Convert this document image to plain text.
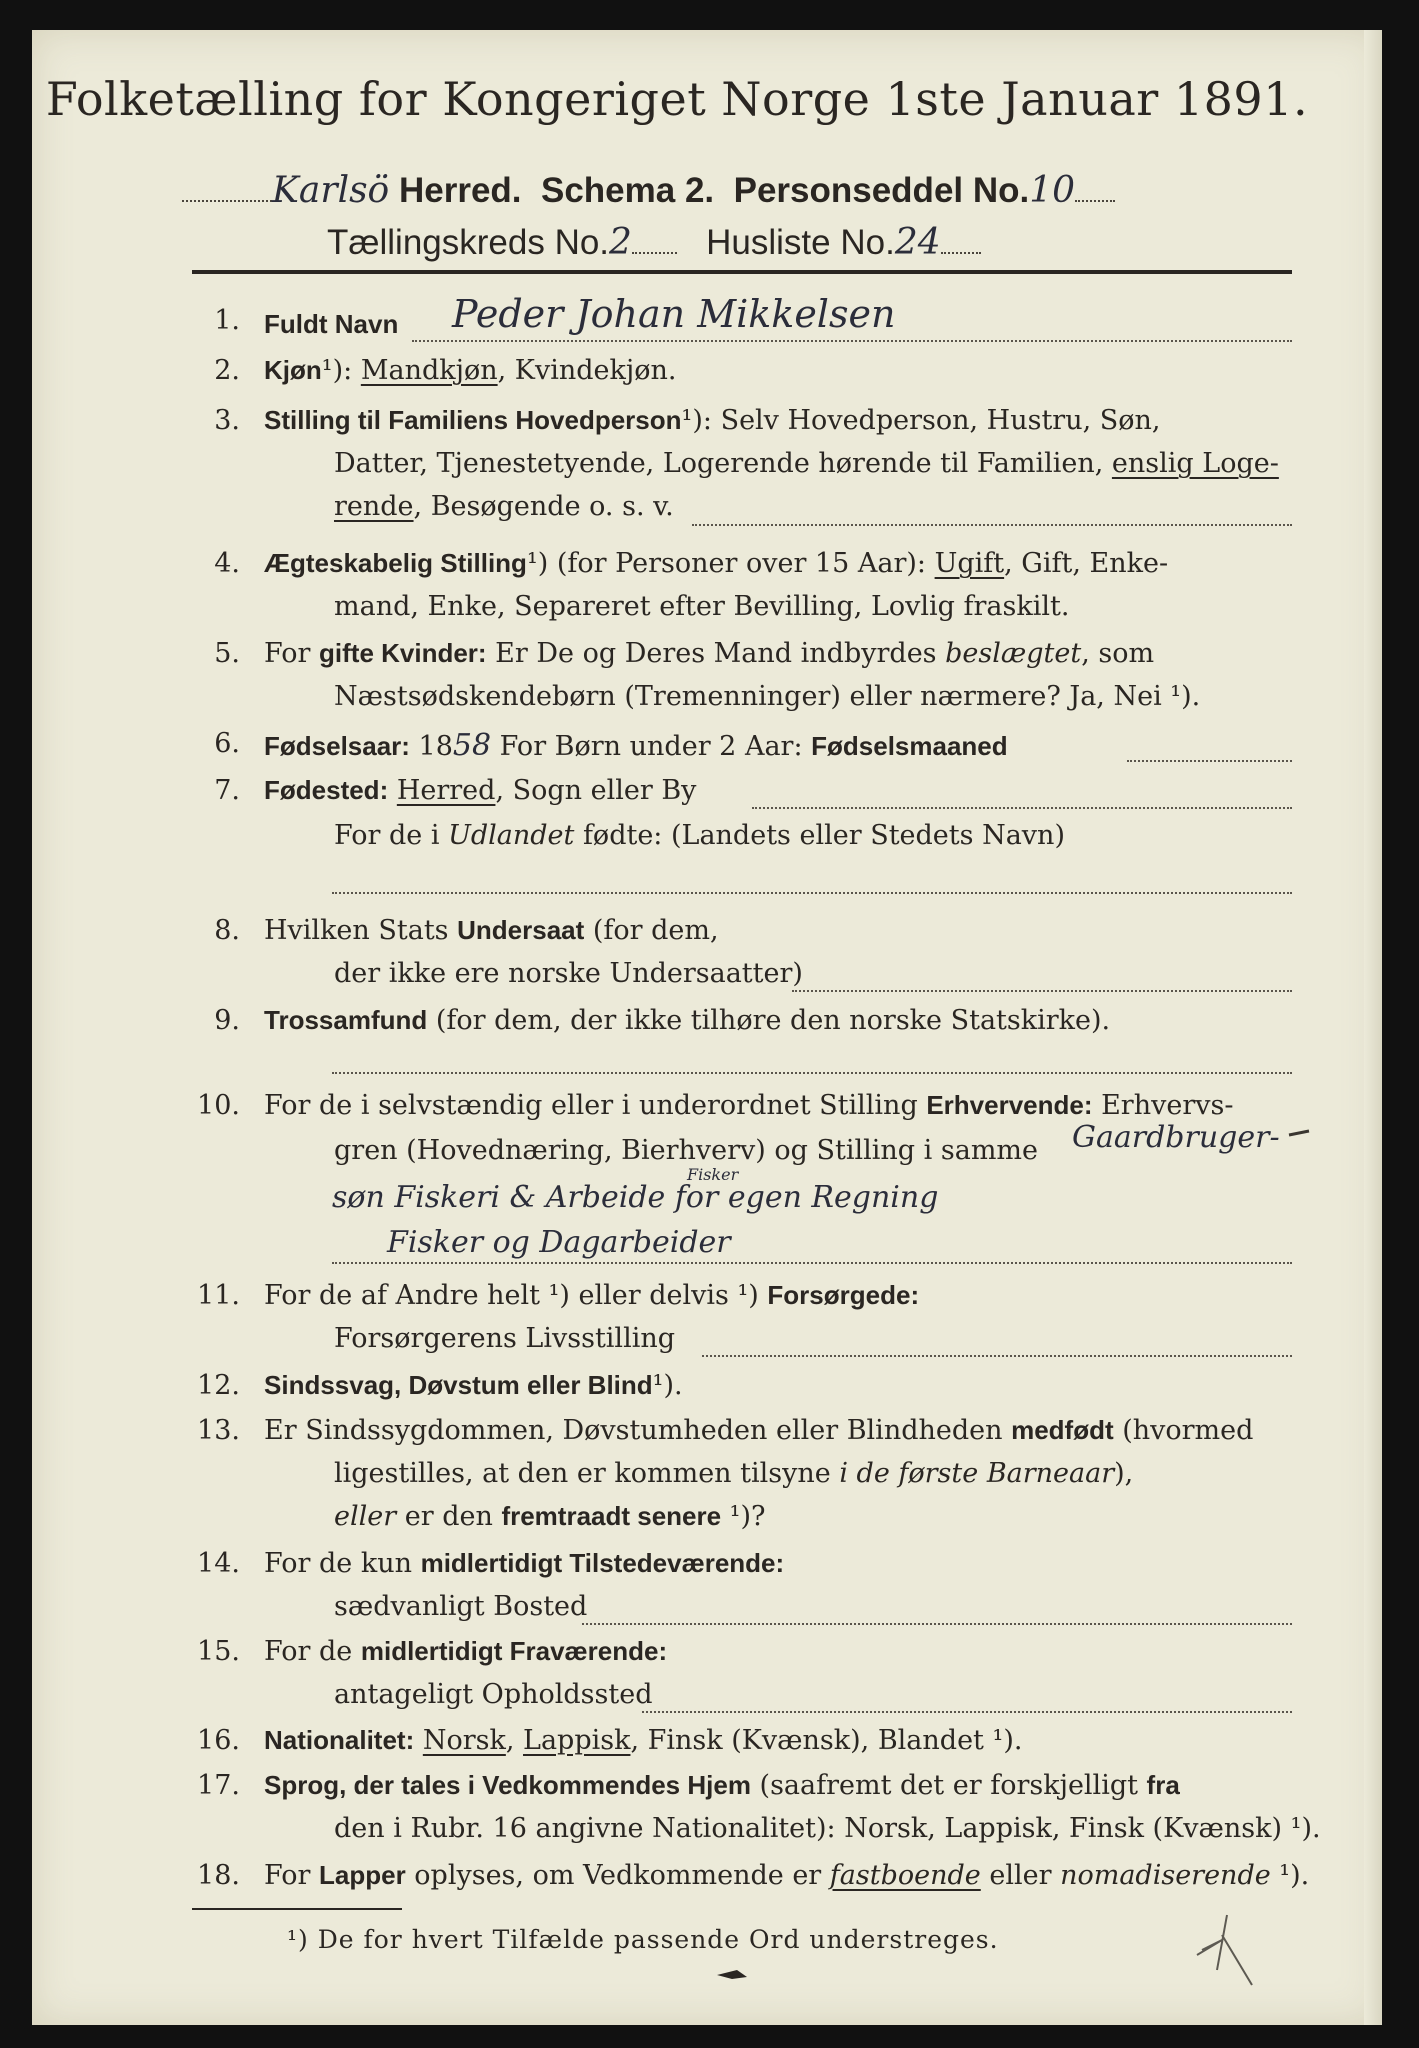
Folketælling for Kongeriget Norge 1ste Januar 1891.
Karlsö Herred. Schema 2. Personseddel No.10
Tællingskreds No.2 Husliste No.24
1. Fuldt Navn Peder Johan Mikkelsen
2. Kjøn¹): Mandkjøn, Kvindekjøn.
3. Stilling til Familiens Hovedperson¹): Selv Hovedperson, Hustru, Søn,
Datter, Tjenestetyende, Logerende hørende til Familien, enslig Loge-
rende, Besøgende o. s. v.
4. Ægteskabelig Stilling¹) (for Personer over 15 Aar): Ugift, Gift, Enke-
mand, Enke, Separeret efter Bevilling, Lovlig fraskilt.
5. For gifte Kvinder: Er De og Deres Mand indbyrdes beslægtet, som
Næstsødskendebørn (Tremenninger) eller nærmere? Ja, Nei ¹).
6. Fødselsaar: 1858 For Børn under 2 Aar: Fødselsmaaned
7. Fødested: Herred, Sogn eller By
For de i Udlandet fødte: (Landets eller Stedets Navn)
8. Hvilken Stats Undersaat (for dem,
der ikke ere norske Undersaatter)
9. Trossamfund (for dem, der ikke tilhøre den norske Statskirke).
10. For de i selvstændig eller i underordnet Stilling Erhvervende: Erhvervs-
gren (Hovednæring, Bierhverv) og Stilling i samme Gaardbruger-
Fisker
søn Fiskeri & Arbeide for egen Regning
Fisker og Dagarbeider
11. For de af Andre helt ¹) eller delvis ¹) Forsørgede:
Forsørgerens Livsstilling
12. Sindssvag, Døvstum eller Blind¹).
13. Er Sindssygdommen, Døvstumheden eller Blindheden medfødt (hvormed
ligestilles, at den er kommen tilsyne i de første Barneaar),
eller er den fremtraadt senere ¹)?
14. For de kun midlertidigt Tilstedeværende:
sædvanligt Bosted
15. For de midlertidigt Fraværende:
antageligt Opholdssted
16. Nationalitet: Norsk, Lappisk, Finsk (Kvænsk), Blandet ¹).
17. Sprog, der tales i Vedkommendes Hjem (saafremt det er forskjelligt fra
den i Rubr. 16 angivne Nationalitet): Norsk, Lappisk, Finsk (Kvænsk) ¹).
18. For Lapper oplyses, om Vedkommende er fastboende eller nomadiserende ¹).
¹) De for hvert Tilfælde passende Ord understreges.
